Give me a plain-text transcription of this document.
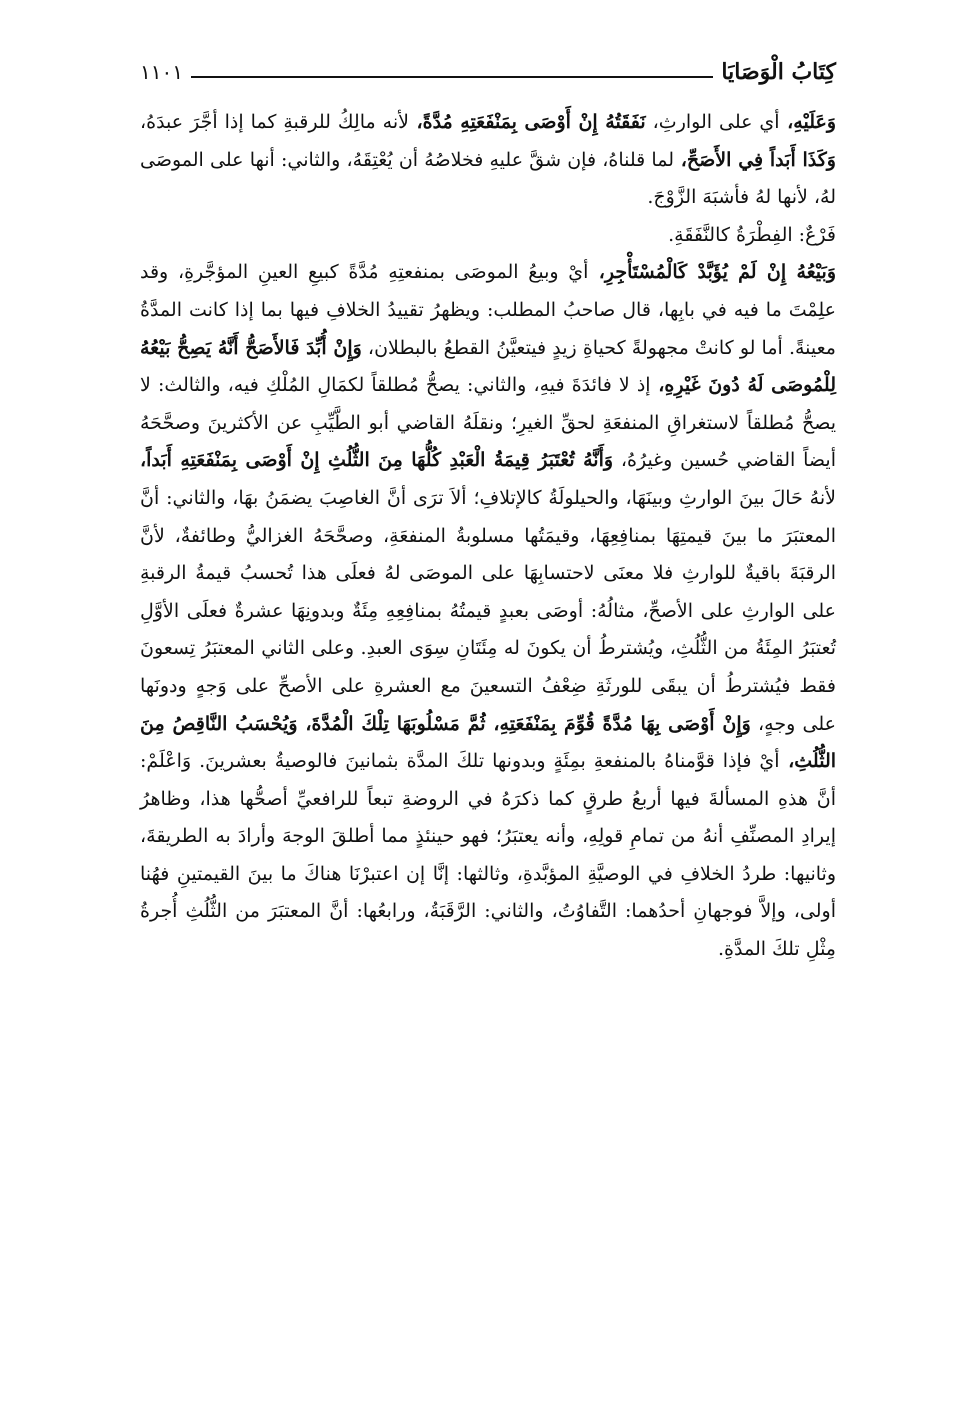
كِتَابُ الْوَصَايَا
١١٠١

وَعَلَيْهِ، أي على الوارثِ، نَفَقَتُهُ إِنْ أَوْصَى بِمَنْفَعَتِهِ مُدَّةً، لأنه مالِكُ للرقبةِ كما إذا أجَّرَ عبدَهُ، وَكَذَا أَبَداً فِي الأَصَحِّ، لما قلناهُ، فإن شقَّ عليهِ فخلاصُهُ أن يُعْتِقَهُ، والثاني: أنها على الموصَى لهُ، لأنها لهُ فأشبَهَ الزَّوْجَ.

فَرْعٌ: الفِطْرَةُ كالنَّفَقَةِ.

وَبَيْعُهُ إِنْ لَمْ يُؤَبَّدْ كَالْمُسْتَأْجِرِ، أيْ وبيعُ الموصَى بمنفعتِهِ مُدَّةً كبيعِ العينِ المؤجَّرةِ، وقد علِمْتَ ما فيه في بابِها، قال صاحبُ المطلب: ويظهرُ تقييدُ الخلافِ فيها بما إذا كانت المدَّةُ معينةً. أما لو كانتْ مجهولةً كحياةِ زيدٍ فيتعيَّنُ القطعُ بالبطلان، وَإِنْ أُبِّدَ فَالأَصَحُّ أَنَّهُ يَصِحُّ بَيْعُهُ لِلْمُوصَى لَهُ دُونَ غَيْرِهِ، إذ لا فائدَةَ فيهِ، والثاني: يصحُّ مُطلقاً لكمَالِ المُلْكِ فيه، والثالث: لا يصحُّ مُطلقاً لاستغراقِ المنفعَةِ لحقِّ الغيرِ؛ ونقلَهُ القاضي أبو الطَّيِّبِ عن الأكثرينَ وصحَّحَهُ أيضاً القاضي حُسين وغيرُهُ، وَأَنَّهُ تُعْتَبَرُ قِيمَةُ الْعَبْدِ كُلُّهَا مِنَ الثُّلُثِ إِنْ أَوْصَى بِمَنْفَعَتِهِ أَبَداً، لأنهُ حَالَ بينَ الوارثِ وبينَهَا، والحيلولَةُ كالإتلافِ؛ ألاَ ترَى أنَّ الغاصِبَ يضمَنُ بهَا، والثاني: أنَّ المعتبَرَ ما بينَ قيمتِهَا بمنافِعِهَا، وقيمَتُها مسلوبةُ المنفعَةِ، وصحَّحَهُ الغزاليُّ وطائفةٌ، لأنَّ الرقبَةَ باقيةٌ للوارثِ فلا معنَى لاحتسابِهَا على الموصَى لهُ فعلَى هذا تُحسبُ قيمةُ الرقبةِ على الوارثِ على الأصحِّ، مثالُهُ: أوصَى بعبدٍ قيمتُهُ بمنافِعِهِ مِئَةٌ وبدونِهَا عشرةٌ فعلَى الأوَّلِ تُعتبَرُ المِئَةُ من الثُّلُثِ، ويُشترطُ أن يكونَ له مِئَتَانِ سِوَى العبدِ. وعلى الثاني المعتبَرُ تِسعونَ فقط فيُشترطُ أن يبقَى للورثَةِ ضِعْفُ التسعينَ مع العشرةِ على الأصحِّ على وَجهٍ ودونَها على وجهٍ، وَإِنْ أَوْصَى بِهَا مُدَّةً قُوِّمَ بِمَنْفَعَتِهِ، ثُمَّ مَسْلُوبَهَا تِلْكَ الْمُدَّةَ، وَيُحْسَبُ النَّاقِصُ مِنَ الثُّلُثِ، أيْ فإذا قوَّمناهُ بالمنفعةِ بمِئَةٍ وبدونها تلكَ المدَّة بثمانينَ فالوصيةُ بعشرينَ. وَاعْلَمْ: أنَّ هذهِ المسألةَ فيها أربعُ طرقٍ كما ذكرَهُ في الروضةِ تبعاً للرافعيِّ أصحُّها هذا، وظاهرُ إيرادِ المصنِّفِ أنهُ من تمامِ قولِهِ، وأنه يعتبَرُ؛ فهو حينئذٍ مما أطلقَ الوجهَ وأرادَ به الطريقةَ، وثانيها: طردُ الخلافِ في الوصيَّةِ المؤبَّدةِ، وثالثها: إنَّا إن اعتبرْنَا هناكَ ما بينَ القيمتينِ فهُنا أولى، وإلاَّ فوجهانِ أحدُهما: التَّفاوُتُ، والثاني: الرَّقَبَةُ، ورابعُها: أنَّ المعتبَرَ من الثُّلُثِ أُجرةُ مِثْلِ تلكَ المدَّةِ.
